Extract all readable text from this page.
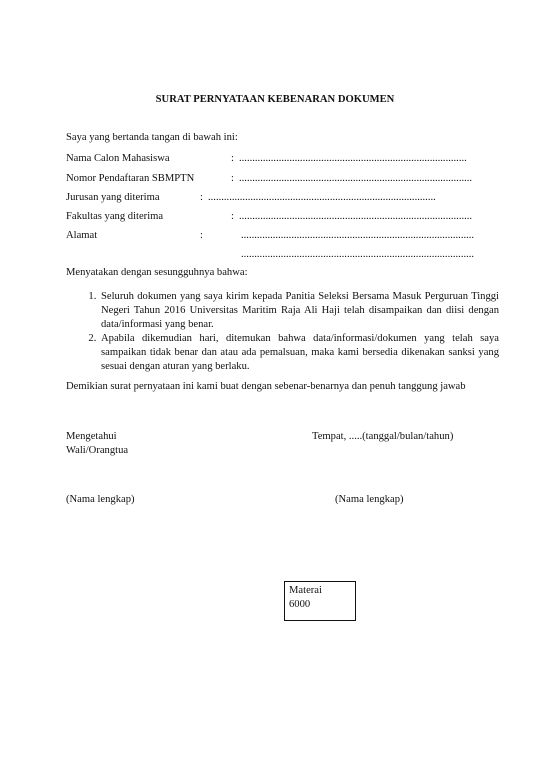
SURAT PERNYATAAN KEBENARAN DOKUMEN
Saya yang bertanda tangan di bawah ini:
Nama Calon Mahasiswa	: ......................................................................................
Nomor Pendaftaran SBMPTN	: ........................................................................................
Jurusan yang diterima	: ......................................................................................
Fakultas yang diterima	: ........................................................................................
Alamat	:	........................................................................................
........................................................................................
Menyatakan dengan sesungguhnya bahwa:
1. Seluruh dokumen yang saya kirim kepada Panitia Seleksi Bersama Masuk Perguruan Tinggi Negeri Tahun 2016 Universitas Maritim Raja Ali Haji telah disampaikan dan diisi dengan data/informasi yang benar.
2. Apabila dikemudian hari, ditemukan bahwa data/informasi/dokumen yang telah saya sampaikan tidak benar dan atau ada pemalsuan, maka kami bersedia dikenakan sanksi yang sesuai dengan aturan yang berlaku.
Demikian surat pernyataan ini kami buat dengan sebenar-benarnya dan penuh tanggung jawab
Mengetahui
Wali/Orangtua
Tempat, .....(tanggal/bulan/tahun)
(Nama lengkap)	(Nama lengkap)
Materai
6000
